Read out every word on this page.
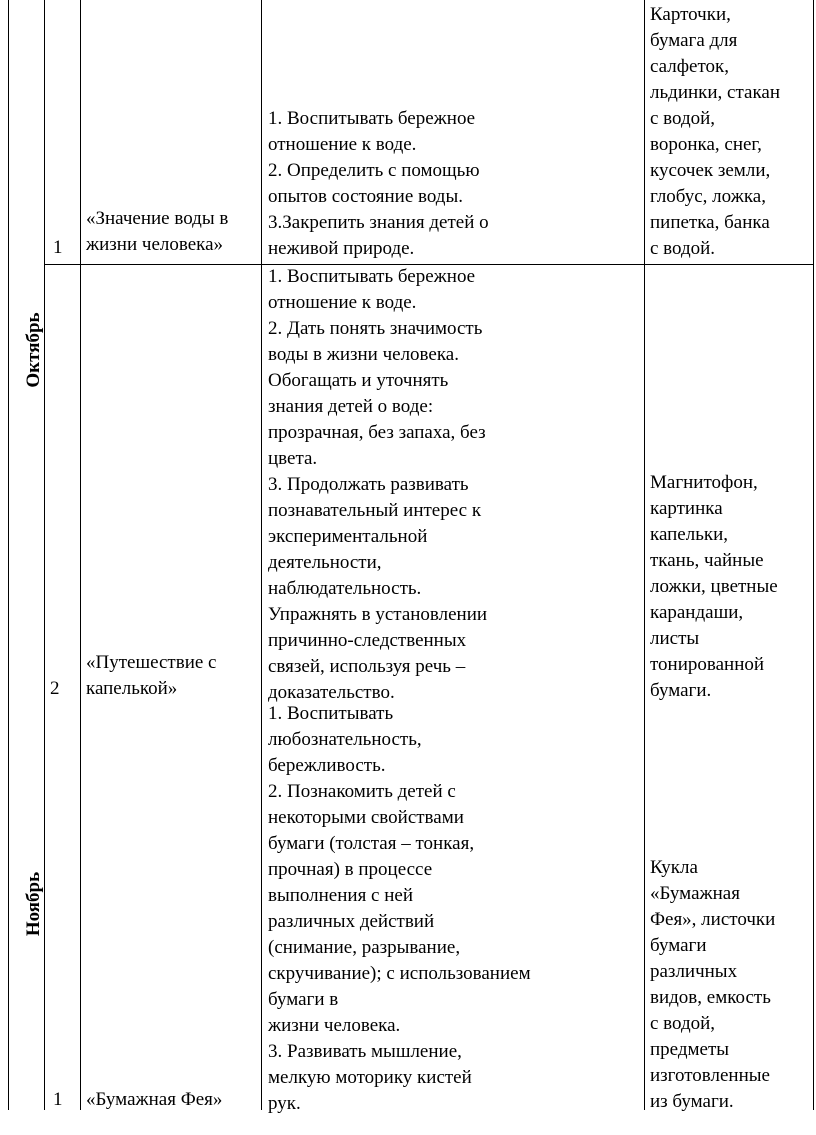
Октябрь
Ноябрь
1
«Значение воды в
жизни человека»
1. Воспитывать бережное
отношение к воде.
2. Определить с помощью
опытов состояние воды.
3.Закрепить знания детей о
неживой природе.
Карточки,
бумага для
салфеток,
льдинки, стакан
с водой,
воронка, снег,
кусочек земли,
глобус, ложка,
пипетка, банка
с водой.
2
«Путешествие с
капелькой»
1. Воспитывать бережное
отношение к воде.
2. Дать понять значимость
воды в жизни человека.
Обогащать и уточнять
знания детей о воде:
прозрачная, без запаха, без
цвета.
3. Продолжать развивать
познавательный интерес к
экспериментальной
деятельности,
наблюдательность.
Упражнять в установлении
причинно-следственных
связей, используя речь –
доказательство.
Магнитофон,
картинка
капельки,
ткань, чайные
ложки, цветные
карандаши,
листы
тонированной
бумаги.
1 «Бумажная Фея»
1. Воспитывать
любознательность,
бережливость.
2. Познакомить детей с
некоторыми свойствами
бумаги (толстая – тонкая,
прочная) в процессе
выполнения с ней
различных действий
(снимание, разрывание,
скручивание); с использованием
бумаги в
жизни человека.
3. Развивать мышление,
мелкую моторику кистей
рук.
Кукла
«Бумажная
Фея», листочки
бумаги
различных
видов, емкость
с водой,
предметы
изготовленные
из бумаги.
